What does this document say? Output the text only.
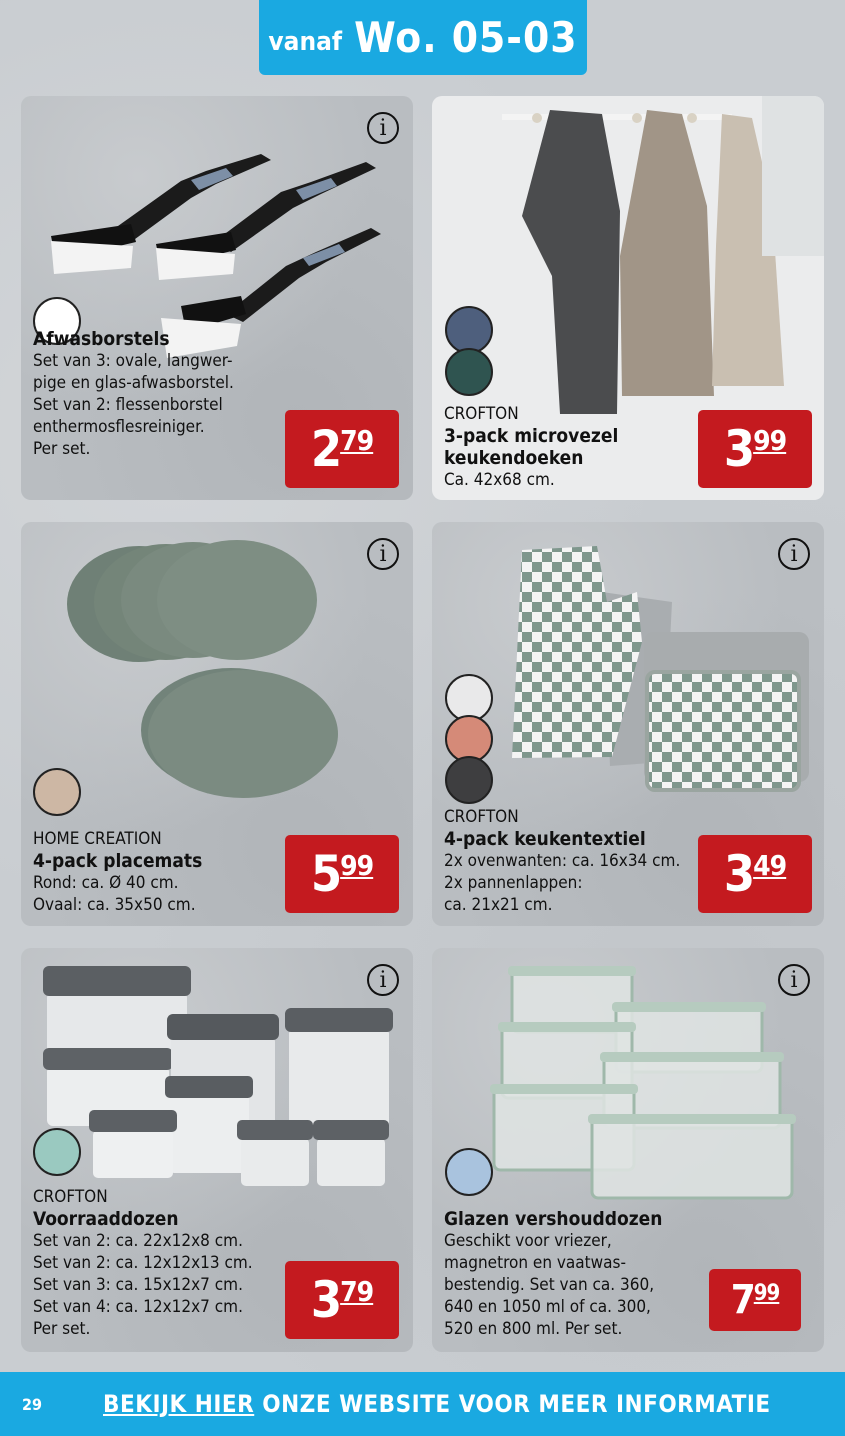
vanaf Wo. 05-03
i
Afwasborstels
Set van 3: ovale, langwer-
pige en glas-afwasborstel.
Set van 2: flessenborstel
enthermosflesreiniger.
Per set.	2 79
CROFTON
3-pack microvezel
keukendoeken
Ca. 42x68 cm.
3 99
i
HOME CREATION
4-pack placemats
Rond: ca. Ø 40 cm.
Ovaal: ca. 35x50 cm.
5 99
i
CROFTON
4-pack keukentextiel
2x ovenwanten: ca. 16x34 cm.
2x pannenlappen:
ca. 21x21 cm.
3 49
i
CROFTON
Voorraaddozen
Set van 2: ca. 22x12x8 cm.
Set van 2: ca. 12x12x13 cm.
Set van 3: ca. 15x12x7 cm.
Set van 4: ca. 12x12x7 cm.
Per set.	3 79
i
Glazen vershouddozen
Geschikt voor vriezer,
magnetron en vaatwas-
bestendig. Set van ca. 360,
640 en 1050 ml of ca. 300,
520 en 800 ml. Per set.
7 99
29	BEKIJK HIER ONZE WEBSITE VOOR MEER INFORMATIE
